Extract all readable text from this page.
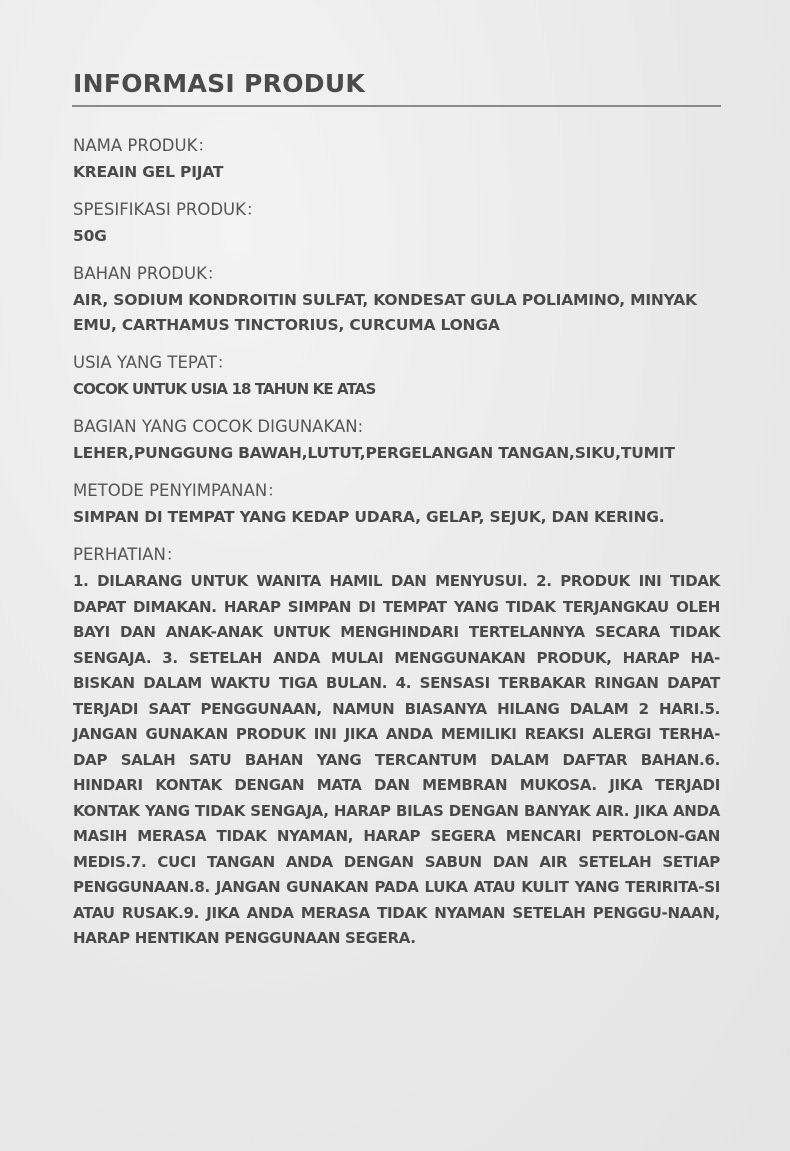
INFORMASI PRODUK
NAMA PRODUK：
KREAIN GEL PIJAT
SPESIFIKASI PRODUK：
50G
BAHAN PRODUK：
AIR, SODIUM KONDROITIN SULFAT, KONDESAT GULA POLIAMINO, MINYAK EMU, CARTHAMUS TINCTORIUS, CURCUMA LONGA
USIA YANG TEPAT：
COCOK UNTUK USIA 18 TAHUN KE ATAS
BAGIAN YANG COCOK DIGUNAKAN:
LEHER,PUNGGUNG BAWAH,LUTUT,PERGELANGAN TANGAN,SIKU,TUMIT
METODE PENYIMPANAN：
SIMPAN DI TEMPAT YANG KEDAP UDARA, GELAP, SEJUK, DAN KERING.
PERHATIAN：
1. DILARANG UNTUK WANITA HAMIL DAN MENYUSUI. 2. PRODUK INI TIDAK DAPAT DIMAKAN. HARAP SIMPAN DI TEMPAT YANG TIDAK TERJANGKAU OLEH BAYI DAN ANAK-ANAK UNTUK MENGHINDARI TERTELANNYA SECARA TIDAK SENGAJA. 3. SETELAH ANDA MULAI MENGGUNAKAN PRODUK, HARAP HA-BISKAN DALAM WAKTU TIGA BULAN. 4. SENSASI TERBAKAR RINGAN DAPAT TERJADI SAAT PENGGUNAAN, NAMUN BIASANYA HILANG DALAM 2 HARI.5. JANGAN GUNAKAN PRODUK INI JIKA ANDA MEMILIKI REAKSI ALERGI TERHA-DAP SALAH SATU BAHAN YANG TERCANTUM DALAM DAFTAR BAHAN.6. HINDARI KONTAK DENGAN MATA DAN MEMBRAN MUKOSA. JIKA TERJADI KONTAK YANG TIDAK SENGAJA, HARAP BILAS DENGAN BANYAK AIR. JIKA ANDA MASIH MERASA TIDAK NYAMAN, HARAP SEGERA MENCARI PERTOLON-GAN MEDIS.7. CUCI TANGAN ANDA DENGAN SABUN DAN AIR SETELAH SETIAP PENGGUNAAN.8. JANGAN GUNAKAN PADA LUKA ATAU KULIT YANG TERIRITA-SI ATAU RUSAK.9. JIKA ANDA MERASA TIDAK NYAMAN SETELAH PENGGU-NAAN, HARAP HENTIKAN PENGGUNAAN SEGERA.
